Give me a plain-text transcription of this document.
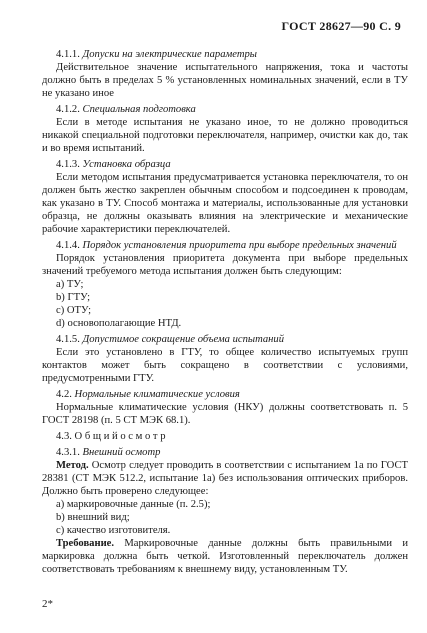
ГОСТ 28627—90 С. 9

4.1.1. Допуски на электрические параметры

Действительное значение испытательного напряжения, тока и частоты должно быть в пределах 5 % установленных номинальных значений, если в ТУ не указано иное

4.1.2. Специальная подготовка

Если в методе испытания не указано иное, то не должно проводиться никакой специальной подготовки переключателя, например, очистки как до, так и во время испытаний.

4.1.3. Установка образца

Если методом испытания предусматривается установка переключателя, то он должен быть жестко закреплен обычным способом и подсоединен к проводам, как указано в ТУ. Способ монтажа и материалы, использованные для установки образца, не должны оказывать влияния на электрические и механические рабочие характеристики переключателей.

4.1.4. Порядок установления приоритета при выборе предельных значений

Порядок установления приоритета документа при выборе предельных значений требуемого метода испытания должен быть следующим:

a) ТУ;

b) ГТУ;

c) ОТУ;

d) основополагающие НТД.

4.1.5. Допустимое сокращение объема испытаний

Если это установлено в ГТУ, то общее количество испытуемых групп контактов может быть сокращено в соответствии с условиями, предусмотренными ГТУ.

4.2. Нормальные климатические условия

Нормальные климатические условия (НКУ) должны соответствовать п. 5 ГОСТ 28198 (п. 5 СТ МЭК 68.1).

4.3. О б щ и й о с м о т р

4.3.1. Внешний осмотр

Метод. Осмотр следует проводить в соответствии с испытанием 1а по ГОСТ 28381 (СТ МЭК 512.2, испытание 1а) без использования оптических приборов. Должно быть проверено следующее:

a) маркировочные данные (п. 2.5);

b) внешний вид;

c) качество изготовителя.

Требование. Маркировочные данные должны быть правильными и маркировка должна быть четкой. Изготовленный переключатель должен соответствовать требованиям к внешнему виду, установленным ТУ.

2*
